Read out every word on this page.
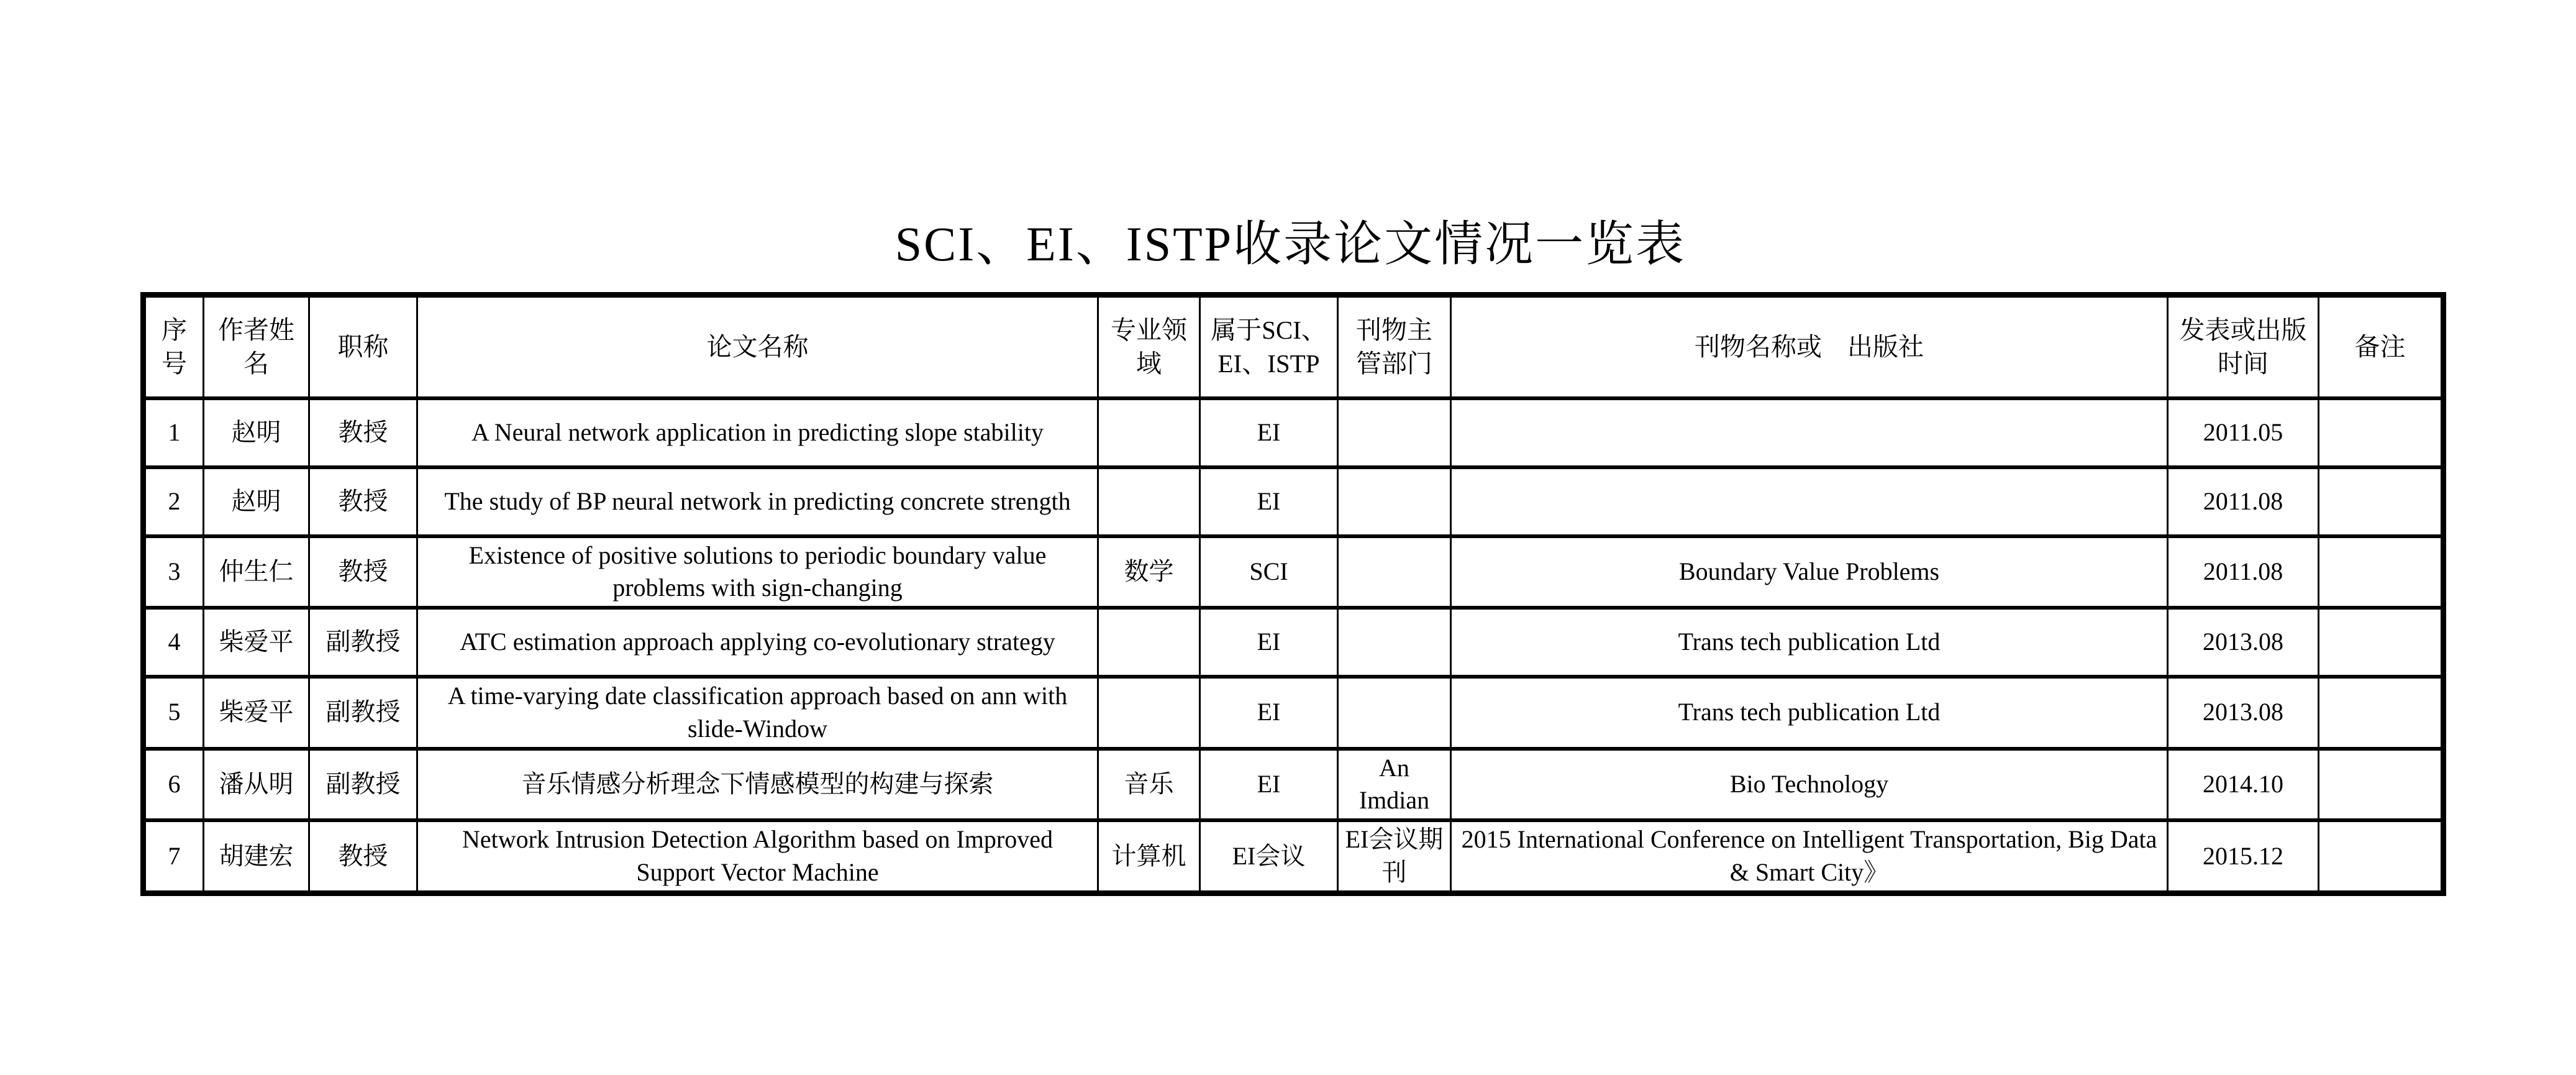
SCI、EI、ISTP收录论文情况一览表
序号	作者姓名	职称	论文名称	专业领域	属于SCI、EI、ISTP	刊物主管部门	刊物名称或　出版社	发表或出版时间	备注
1	赵明	教授	A Neural network application in predicting slope stability		EI			2011.05	
2	赵明	教授	The study of BP neural network in predicting concrete strength		EI			2011.08	
3	仲生仁	教授	Existence of positive solutions to periodic boundary value problems with sign-changing	数学	SCI		Boundary Value Problems	2011.08	
4	柴爱平	副教授	ATC estimation approach applying co-evolutionary strategy		EI		Trans tech publication Ltd	2013.08	
5	柴爱平	副教授	A time-varying date classification approach based on ann with slide-Window		EI		Trans tech publication Ltd	2013.08	
6	潘从明	副教授	音乐情感分析理念下情感模型的构建与探索	音乐	EI	An Imdian	Bio Technology	2014.10	
7	胡建宏	教授	Network Intrusion Detection Algorithm based on Improved Support Vector Machine	计算机	EI会议	EI会议期刊	2015 International Conference on Intelligent Transportation, Big Data & Smart City》	2015.12	
